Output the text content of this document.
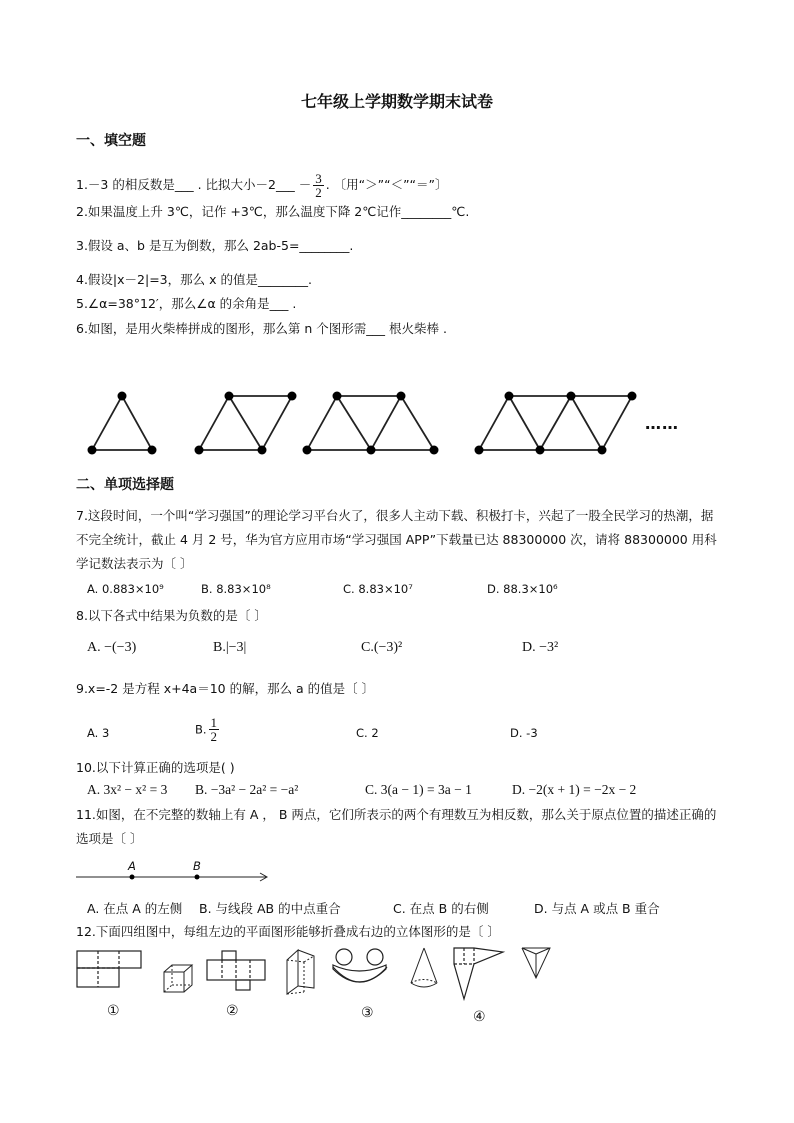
七年级上学期数学期末试卷
一、填空题
1.－3 的相反数是___ . 比拟大小－2___ － $\frac{3}{2}$ . 〔用“＞”“＜”“＝”〕
2.如果温度上升 3℃，记作 +3℃，那么温度下降 2℃记作________℃.
3.假设 a、b 是互为倒数，那么 2ab-5=________.
4.假设|x－2|=3，那么 x 的值是________.
5.∠α=38°12′，那么∠α 的余角是___ .
6.如图，是用火柴棒拼成的图形，那么第 n 个图形需___ 根火柴棒 .
……
二、单项选择题
7.这段时间，一个叫“学习强国”的理论学习平台火了，很多人主动下载、积极打卡，兴起了一股全民学习的热潮，据不完全统计，截止 4 月 2 号，华为官方应用市场“学习强国 APP”下载量已达 88300000 次，请将 88300000 用科学记数法表示为〔 〕
A. 0.883×10⁹	B. 8.83×10⁸	C. 8.83×10⁷	D. 88.3×10⁶
8.以下各式中结果为负数的是〔 〕
A. −(−3)	B.|−3|	C.(−3)²	D. −3²
9.x=-2 是方程 x+4a＝10 的解，那么 a 的值是〔 〕
A. 3	B. $\frac{1}{2}$	C. 2	D. -3
10.以下计算正确的选项是( )
A. 3x² − x² = 3 B. −3a² − 2a² = −a²	C. 3(a − 1) = 3a − 1	D. −2(x + 1) = −2x − 2
11.如图，在不完整的数轴上有 A ， B 两点，它们所表示的两个有理数互为相反数，那么关于原点位置的描述正确的选项是〔 〕
A	B
A. 在点 A 的左侧 B. 与线段 AB 的中点重合	C. 在点 B 的右侧	D. 与点 A 或点 B 重合
12.下面四组图中，每组左边的平面图形能够折叠成右边的立体图形的是〔 〕
①	②	③	④
